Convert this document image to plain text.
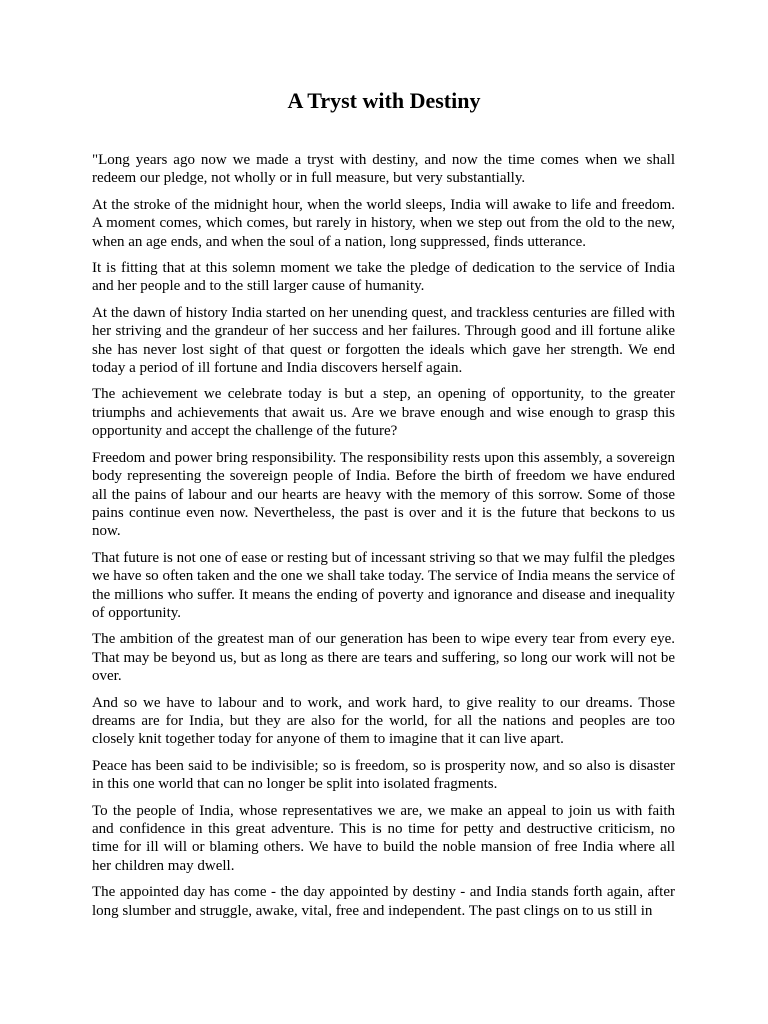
A Tryst with Destiny

"Long years ago now we made a tryst with destiny, and now the time comes when we shall redeem our pledge, not wholly or in full measure, but very substantially.

At the stroke of the midnight hour, when the world sleeps, India will awake to life and freedom. A moment comes, which comes, but rarely in history, when we step out from the old to the new, when an age ends, and when the soul of a nation, long suppressed, finds utterance.

It is fitting that at this solemn moment we take the pledge of dedication to the service of India and her people and to the still larger cause of humanity.

At the dawn of history India started on her unending quest, and trackless centuries are filled with her striving and the grandeur of her success and her failures. Through good and ill fortune alike she has never lost sight of that quest or forgotten the ideals which gave her strength. We end today a period of ill fortune and India discovers herself again.

The achievement we celebrate today is but a step, an opening of opportunity, to the greater triumphs and achievements that await us. Are we brave enough and wise enough to grasp this opportunity and accept the challenge of the future?

Freedom and power bring responsibility. The responsibility rests upon this assembly, a sovereign body representing the sovereign people of India. Before the birth of freedom we have endured all the pains of labour and our hearts are heavy with the memory of this sorrow. Some of those pains continue even now. Nevertheless, the past is over and it is the future that beckons to us now.

That future is not one of ease or resting but of incessant striving so that we may fulfil the pledges we have so often taken and the one we shall take today. The service of India means the service of the millions who suffer. It means the ending of poverty and ignorance and disease and inequality of opportunity.

The ambition of the greatest man of our generation has been to wipe every tear from every eye. That may be beyond us, but as long as there are tears and suffering, so long our work will not be over.

And so we have to labour and to work, and work hard, to give reality to our dreams. Those dreams are for India, but they are also for the world, for all the nations and peoples are too closely knit together today for anyone of them to imagine that it can live apart.

Peace has been said to be indivisible; so is freedom, so is prosperity now, and so also is disaster in this one world that can no longer be split into isolated fragments.

To the people of India, whose representatives we are, we make an appeal to join us with faith and confidence in this great adventure. This is no time for petty and destructive criticism, no time for ill will or blaming others. We have to build the noble mansion of free India where all her children may dwell.

The appointed day has come - the day appointed by destiny - and India stands forth again, after long slumber and struggle, awake, vital, free and independent. The past clings on to us still in
